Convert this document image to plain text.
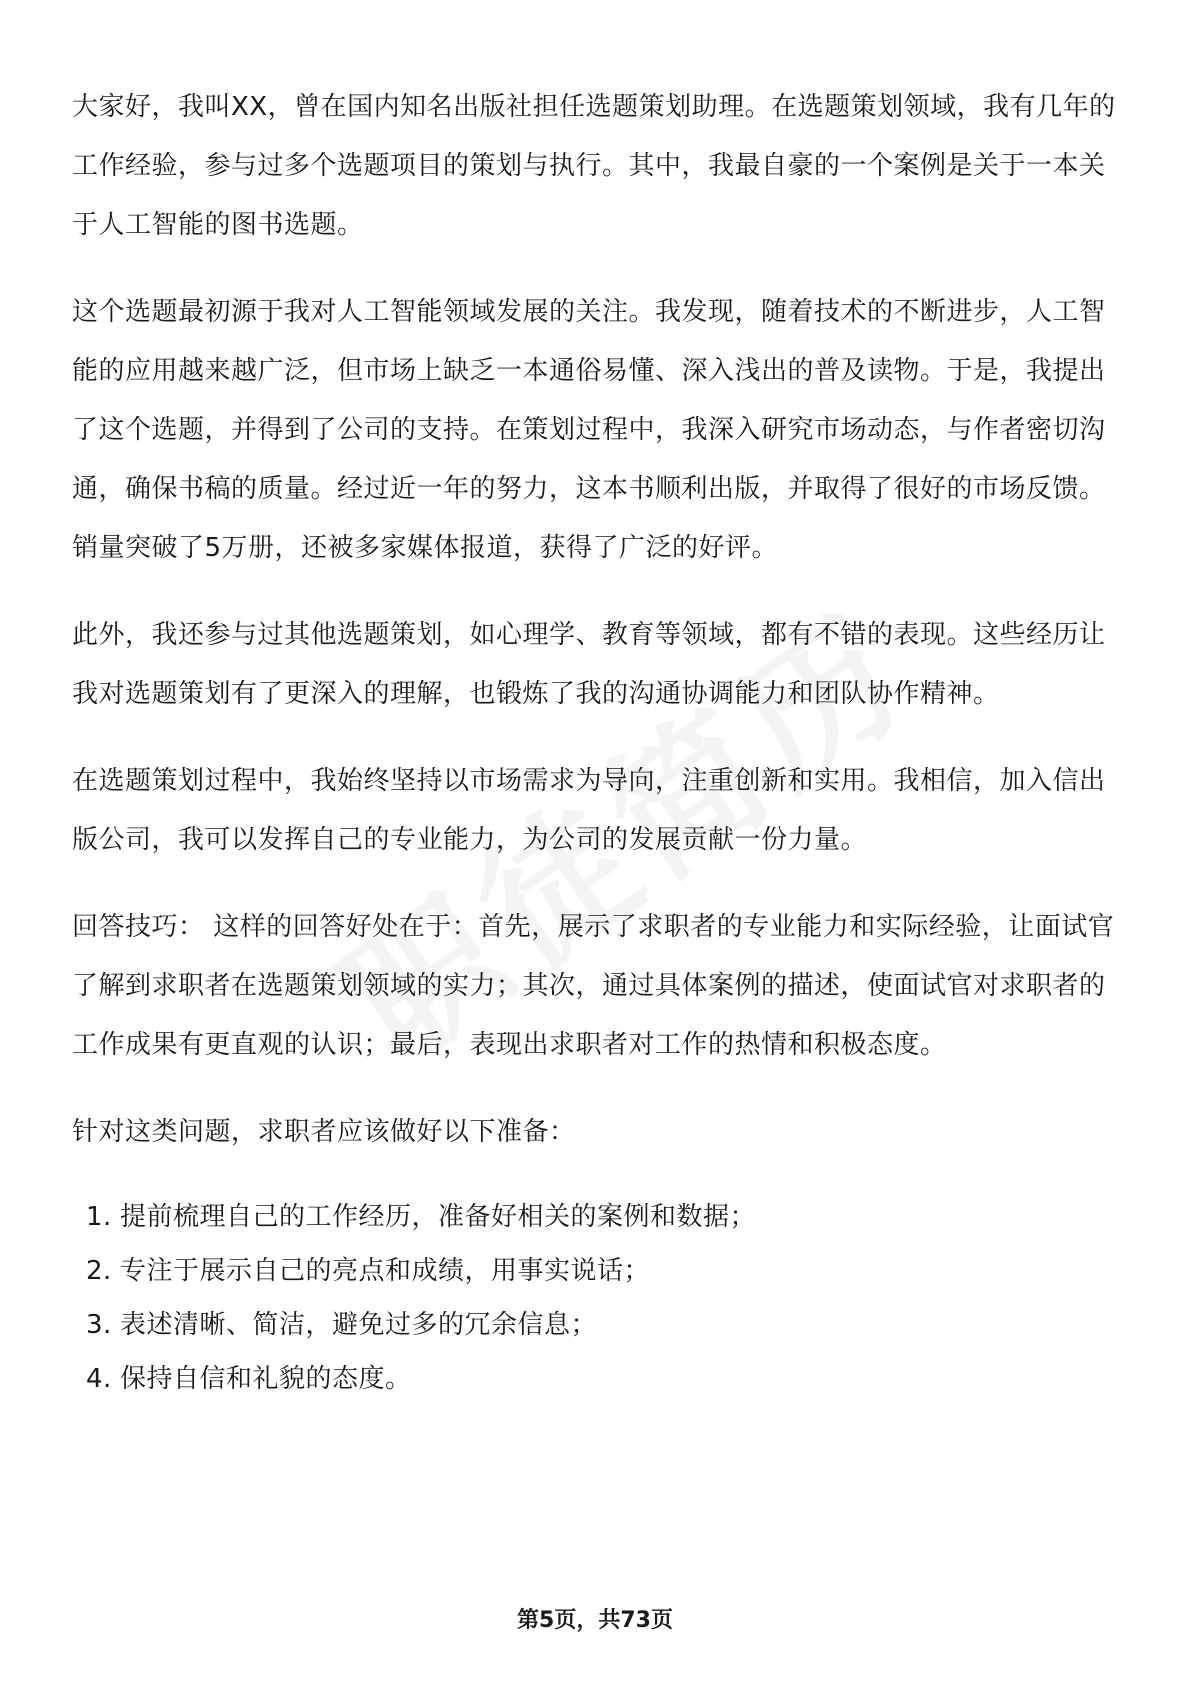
大家好，我叫XX，曾在国内知名出版社担任选题策划助理。在选题策划领域，我有几年的工作经验，参与过多个选题项目的策划与执行。其中，我最自豪的一个案例是关于一本关于人工智能的图书选题。

这个选题最初源于我对人工智能领域发展的关注。我发现，随着技术的不断进步，人工智能的应用越来越广泛，但市场上缺乏一本通俗易懂、深入浅出的普及读物。于是，我提出了这个选题，并得到了公司的支持。在策划过程中，我深入研究市场动态，与作者密切沟通，确保书稿的质量。经过近一年的努力，这本书顺利出版，并取得了很好的市场反馈。销量突破了5万册，还被多家媒体报道，获得了广泛的好评。

此外，我还参与过其他选题策划，如心理学、教育等领域，都有不错的表现。这些经历让我对选题策划有了更深入的理解，也锻炼了我的沟通协调能力和团队协作精神。

在选题策划过程中，我始终坚持以市场需求为导向，注重创新和实用。我相信，加入信出版公司，我可以发挥自己的专业能力，为公司的发展贡献一份力量。

回答技巧： 这样的回答好处在于：首先，展示了求职者的专业能力和实际经验，让面试官了解到求职者在选题策划领域的实力；其次，通过具体案例的描述，使面试官对求职者的工作成果有更直观的认识；最后，表现出求职者对工作的热情和积极态度。

针对这类问题，求职者应该做好以下准备：

1. 提前梳理自己的工作经历，准备好相关的案例和数据；
2. 专注于展示自己的亮点和成绩，用事实说话；
3. 表述清晰、简洁，避免过多的冗余信息；
4. 保持自信和礼貌的态度。
第5页，共73页
